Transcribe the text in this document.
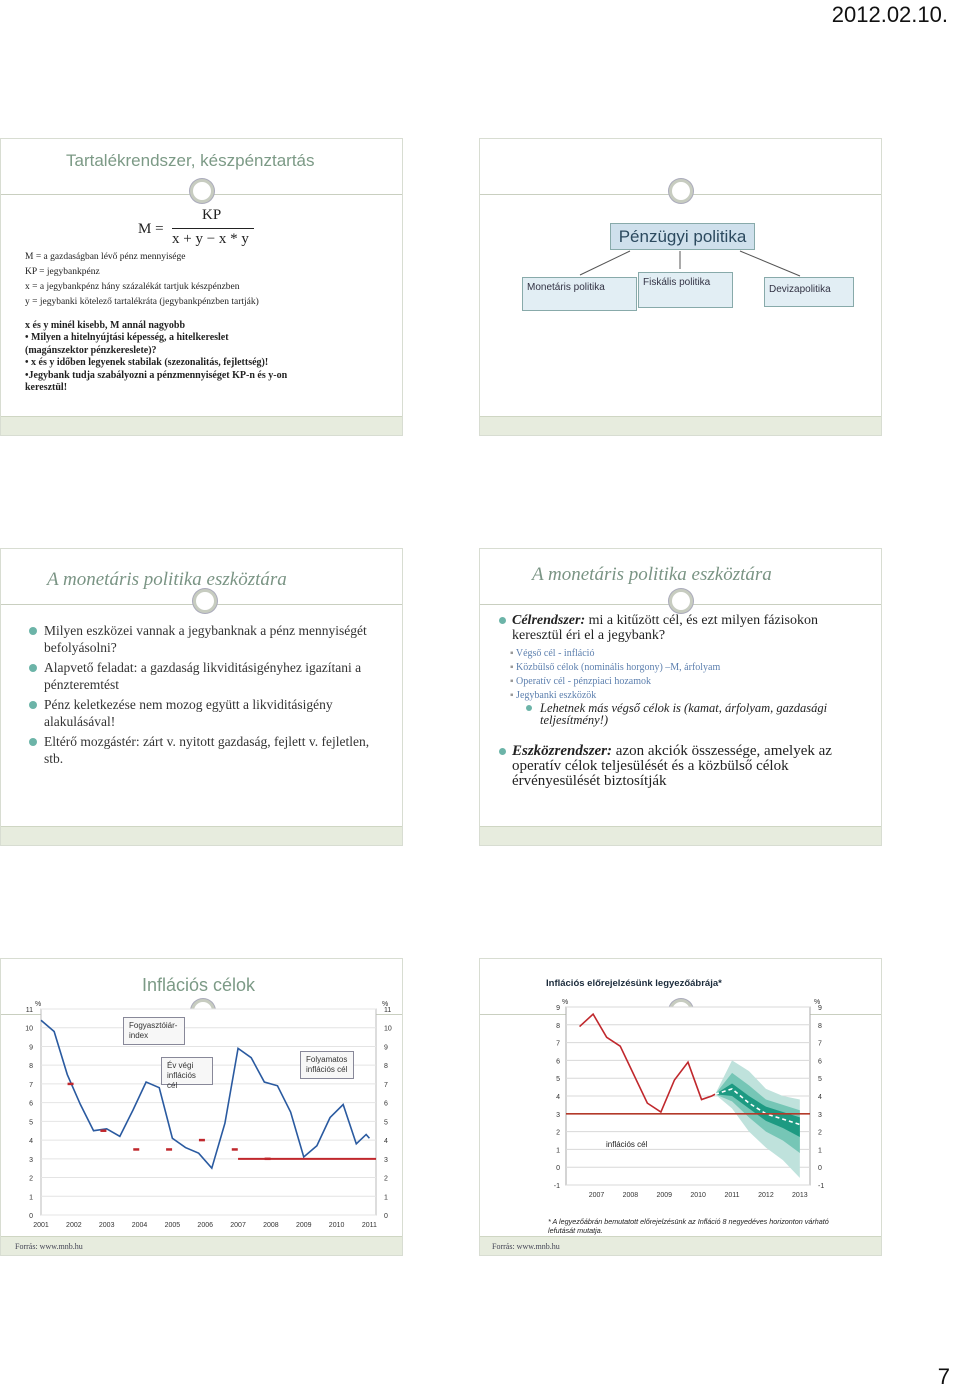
2012.02.10.
Tartalékrendszer, készpénztartás
M =
KP
x + y − x * y
M = a gazdaságban lévő pénz mennyisége
KP = jegybankpénz
x = a jegybankpénz hány százalékát tartjuk készpénzben
y = jegybanki kötelező tartalékráta (jegybankpénzben tartják)
x és y minél kisebb, M annál nagyobb
• Milyen a hitelnyújtási képesség, a hitelkereslet
(magánszektor pénzkereslete)?
• x és y időben legyenek stabilak (szezonalitás, fejlettség)!
•Jegybank tudja szabályozni a pénzmennyiséget KP-n és y-on
keresztül!
Pénzügyi politika
Monetáris politika	Fiskális politika
Devizapolitika
A monetáris politika eszköztára
Milyen eszközei vannak a jegybanknak a pénz mennyiségét befolyásolni?
Alapvető feladat: a gazdaság likviditásigényhez igazítani a pénzteremtést
Pénz keletkezése nem mozog együtt a likviditásigény alakulásával!
Eltérő mozgástér: zárt v. nyitott gazdaság, fejlett v. fejletlen, stb.
A monetáris politika eszköztára
Célrendszer: mi a kitűzött cél, és ezt milyen fázisokon keresztül éri el a jegybank?
▪ Végső cél - infláció
▪ Közbülső célok (nominális horgony) –M, árfolyam
▪ Operatív cél - pénzpiaci hozamok
▪ Jegybanki eszközök
Lehetnek más végső célok is (kamat, árfolyam, gazdasági teljesítmény!)
Eszközrendszer: azon akciók összessége, amelyek az operatív célok teljesülését és a közbülső célok érvényesülését biztosítják
0	0
1	1
2	2
3	3
4	4
5	5
6	6
7	7
8	8
9	9
10	10
11	11
%	%
2001 2002 2003 2004 2005 2006 2007 2008 2009 2010	2011
Inflációs célok
Fogyasztóiár-
index
Év végi
inflációs cél
Folyamatos
inflációs cél
Forrás: www.mnb.hu
-1	-1
0	0
1	1
2	2
3	3
4	4
5	5
6	6
7	7
8	8
9	9
%	%
2007	2008	2009	2010	2011	2012	2013
Inflációs előrejelzésünk legyezőábrája*
inflációs cél
* A legyezőábrán bemutatott előrejelzésünk az Infláció 8 negyedéves horizonton várható lefutását mutatja.
Forrás: www.mnb.hu
7
